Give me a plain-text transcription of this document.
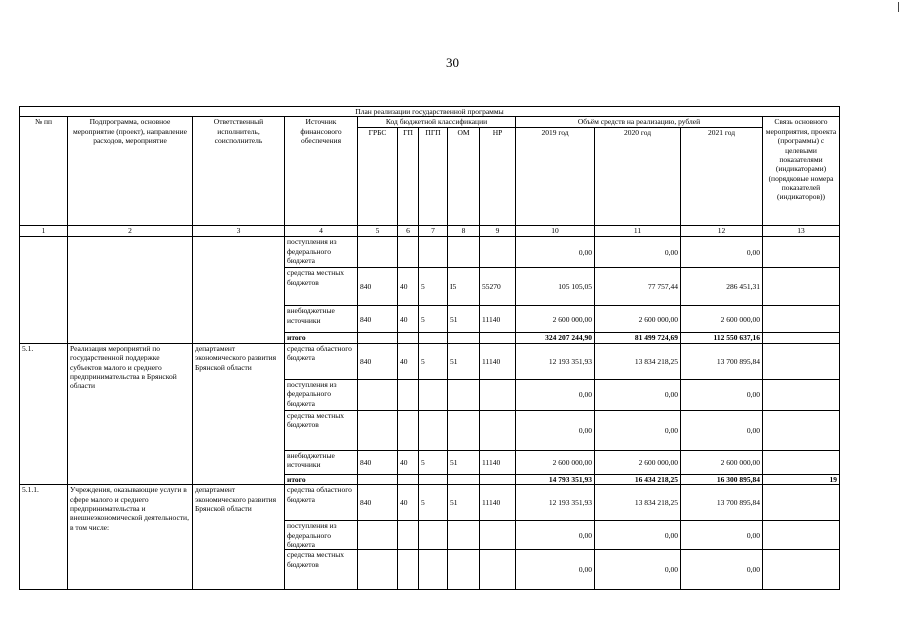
30
План реализации государственной программы												
№ пп	Подпрограмма, основное мероприятие (проект), направление расходов, мероприятие	Ответственный исполнитель, соисполнитель	Источник финансового обеспечения	Код бюджетной классификации					Объём средств на реализацию, рублей			Связь основного мероприятия, проекта (программы) с целевыми показателями (индикаторами) (порядковые номера показателей (индикаторов))
				ГРБС	ГП	ПГП	ОМ	НР	2019 год	2020 год	2021 год	
1	2	3	4	5	6	7	8	9	10	11	12	13
			поступления из федерального бюджета						0,00	0,00	0,00	
			средства местных бюджетов	840	40	5	I5	55270	105 105,05	77 757,44	286 451,31	
			внебюджетные источники	840	40	5	51	11140	2 600 000,00	2 600 000,00	2 600 000,00	
			итого						324 207 244,90	81 499 724,69	112 550 637,16	
5.1.	Реализация мероприятий по государственной поддержке субъектов малого и среднего предпринимательства в Брянской области	департамент экономического развития Брянской области	средства областного бюджета	840	40	5	51	11140	12 193 351,93	13 834 218,25	13 700 895,84	
			поступления из федерального бюджета						0,00	0,00	0,00	
			средства местных бюджетов						0,00	0,00	0,00	
			внебюджетные источники	840	40	5	51	11140	2 600 000,00	2 600 000,00	2 600 000,00	
			итого						14 793 351,93	16 434 218,25	16 300 895,84	19
5.1.1.	Учреждения, оказывающие услуги в сфере малого и среднего предпринимательства и внешнеэкономической деятельности, в том числе:	департамент экономического развития Брянской области	средства областного бюджета	840	40	5	51	11140	12 193 351,93	13 834 218,25	13 700 895,84	
			поступления из федерального бюджета						0,00	0,00	0,00	
			средства местных бюджетов						0,00	0,00	0,00	
